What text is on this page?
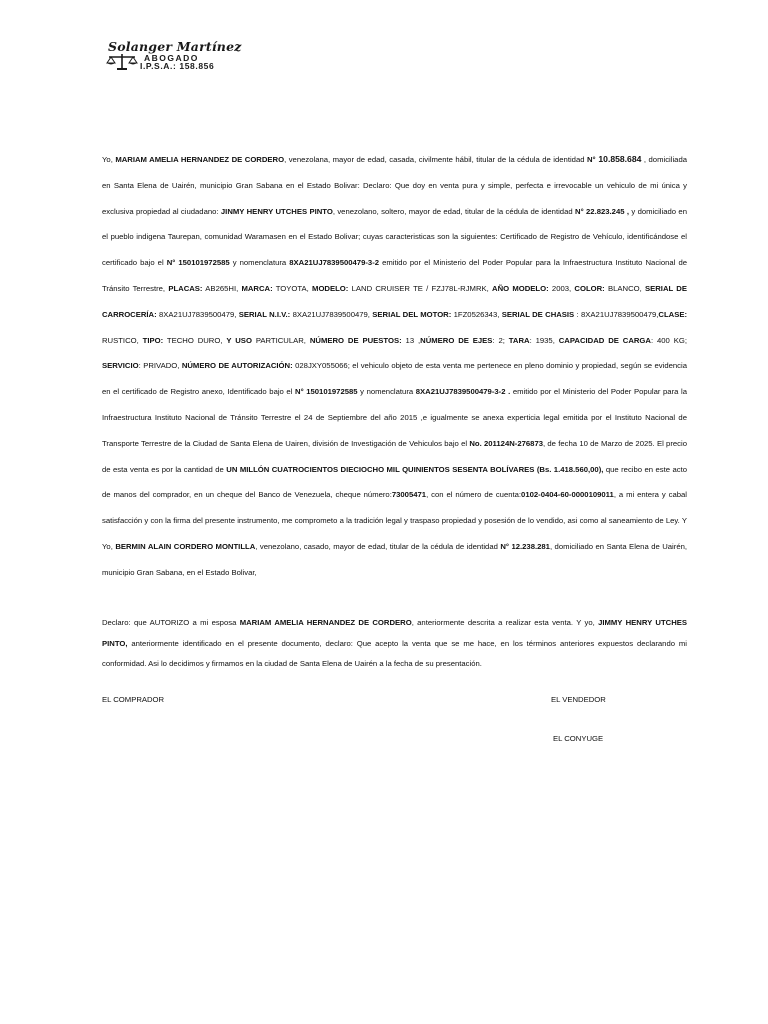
Solanger Martínez
ABOGADO
I.P.S.A.: 158.856

Yo, MARIAM AMELIA HERNANDEZ DE CORDERO, venezolana, mayor de edad, casada, civilmente hábil, titular de la cédula de identidad N° 10.858.684 , domiciliada en Santa Elena de Uairén, municipio Gran Sabana en el Estado Bolivar: Declaro: Que doy en venta pura y simple, perfecta e irrevocable un vehiculo de mi única y exclusiva propiedad al ciudadano: JINMY HENRY UTCHES PINTO, venezolano, soltero, mayor de edad, titular de la cédula de identidad N° 22.823.245 , y domiciliado en el pueblo indigena Taurepan, comunidad Waramasen en el Estado Bolivar; cuyas caracteristicas son la siguientes: Certificado de Registro de Vehículo, identificándose el certificado bajo el N° 150101972585 y nomenclatura 8XA21UJ7839500479-3-2 emitido por el Ministerio del Poder Popular para la Infraestructura Instituto Nacional de Tránsito Terrestre, PLACAS: AB265HI, MARCA: TOYOTA, MODELO: LAND CRUISER TE / FZJ78L-RJMRK, AÑO MODELO: 2003, COLOR: BLANCO, SERIAL DE CARROCERÍA: 8XA21UJ7839500479, SERIAL N.I.V.: 8XA21UJ7839500479, SERIAL DEL MOTOR: 1FZ0526343, SERIAL DE CHASIS : 8XA21UJ7839500479,CLASE: RUSTICO, TIPO: TECHO DURO, Y USO PARTICULAR, NÚMERO DE PUESTOS: 13 ,NÚMERO DE EJES: 2; TARA: 1935, CAPACIDAD DE CARGA: 400 KG; SERVICIO: PRIVADO, NÚMERO DE AUTORIZACIÓN: 028JXY055066; el vehiculo objeto de esta venta me pertenece en pleno dominio y propiedad, según se evidencia en el certificado de Registro anexo, Identificado bajo el N° 150101972585 y nomenclatura 8XA21UJ7839500479-3-2 . emitido por el Ministerio del Poder Popular para la Infraestructura Instituto Nacional de Tránsito Terrestre el 24 de Septiembre del año 2015 ,e igualmente se anexa experticia legal emitida por el Instituto Nacional de Transporte Terrestre de la Ciudad de Santa Elena de Uairen, división de Investigación de Vehiculos bajo el No. 201124N-276873, de fecha 10 de Marzo de 2025. El precio de esta venta es por la cantidad de UN MILLÓN CUATROCIENTOS DIECIOCHO MIL QUINIENTOS SESENTA BOLÍVARES (Bs. 1.418.560,00), que recibo en este acto de manos del comprador, en un cheque del Banco de Venezuela, cheque número:73005471, con el número de cuenta:0102-0404-60-0000109011, a mi entera y cabal satisfacción y con la firma del presente instrumento, me comprometo a la tradición legal y traspaso propiedad y posesión de lo vendido, asi como al saneamiento de Ley. Y Yo, BERMIN ALAIN CORDERO MONTILLA, venezolano, casado, mayor de edad, titular de la cédula de identidad N° 12.238.281, domiciliado en Santa Elena de Uairén, municipio Gran Sabana, en el Estado Bolivar,

Declaro: que AUTORIZO a mi esposa MARIAM AMELIA HERNANDEZ DE CORDERO, anteriormente descrita a realizar esta venta. Y yo, JIMMY HENRY UTCHES PINTO, anteriormente identificado en el presente documento, declaro: Que acepto la venta que se me hace, en los términos anteriores expuestos declarando mi conformidad. Asi lo decidimos y firmamos en la ciudad de Santa Elena de Uairén a la fecha de su presentación.

EL COMPRADOR	EL VENDEDOR
EL CONYUGE
